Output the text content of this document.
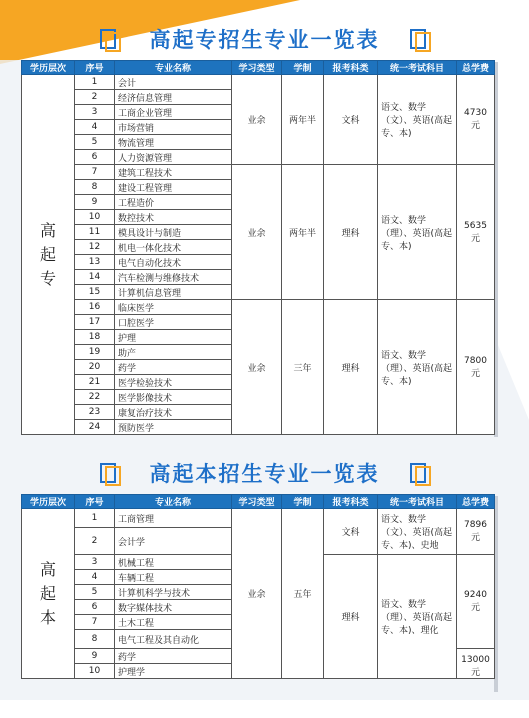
高起专招生专业一览表
学历层次	序号	专业名称	学习类型	学制	报考科类	统一考试科目	总学费

高
起
专	1	会计	业余	两年半	文科	语文、数学（文）、英语(高起专、本)	4730 元
	2	经济信息管理					
	3	工商企业管理					
	4	市场营销					
	5	物流管理					
	6	人力资源管理					
	7	建筑工程技术	业余	两年半	理科	语文、数学（理）、英语(高起专、本)	5635 元
	8	建设工程管理					
	9	工程造价					
	10	数控技术					
	11	模具设计与制造					
	12	机电一体化技术					
	13	电气自动化技术					
	14	汽车检测与维修技术					
	15	计算机信息管理					
	16	临床医学	业余	三年	理科	语文、数学（理）、英语(高起专、本)	7800 元
	17	口腔医学					
	18	护理					
	19	助产					
	20	药学					
	21	医学检验技术					
	22	医学影像技术					
	23	康复治疗技术					
	24	预防医学					
高起本招生专业一览表
学历层次	序号	专业名称	学习类型	学制	报考科类	统一考试科目	总学费

高
起
本	1	工商管理	业余	五年	文科	语文、数学（文）、英语(高起专、本)、史地	7896 元
	2	会计学					
	3	机械工程			理科	语文、数学（理）、英语(高起专、本)、理化	9240 元
	4	车辆工程					
	5	计算机科学与技术					
	6	数字媒体技术					
	7	土木工程					
	8	电气工程及其自动化					
	9	药学					13000 元
	10	护理学					
